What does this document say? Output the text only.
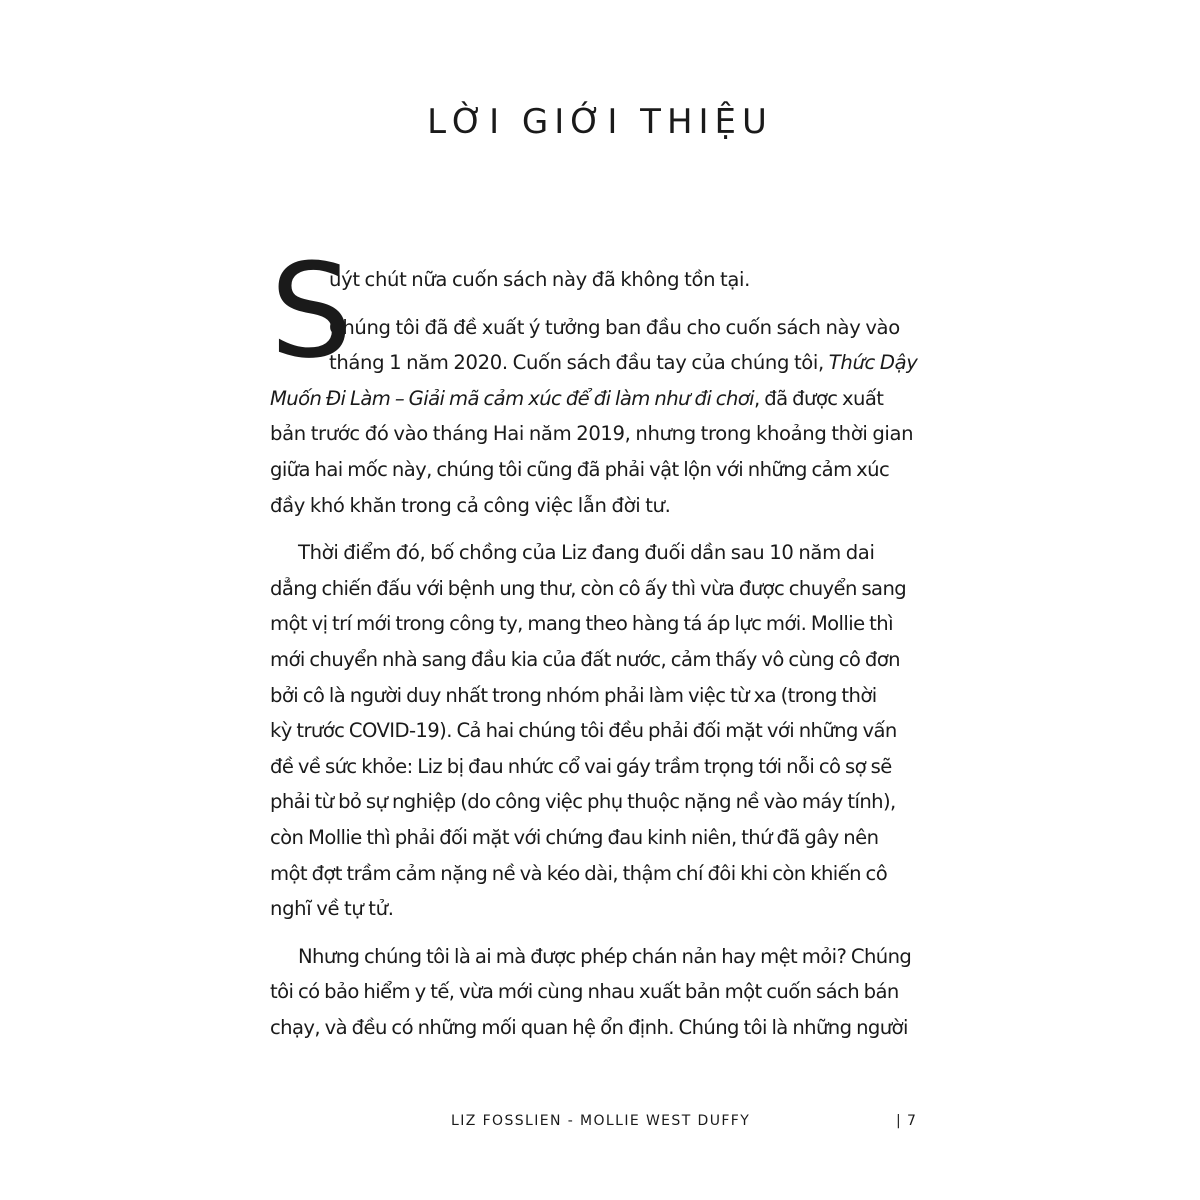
LỜI GIỚI THIỆU
S
uýt chút nữa cuốn sách này đã không tồn tại.
Chúng tôi đã đề xuất ý tưởng ban đầu cho cuốn sách này vào
tháng 1 năm 2020. Cuốn sách đầu tay của chúng tôi, Thức Dậy
Muốn Đi Làm – Giải mã cảm xúc để đi làm như đi chơi, đã được xuất
bản trước đó vào tháng Hai năm 2019, nhưng trong khoảng thời gian
giữa hai mốc này, chúng tôi cũng đã phải vật lộn với những cảm xúc
đầy khó khăn trong cả công việc lẫn đời tư.
Thời điểm đó, bố chồng của Liz đang đuối dần sau 10 năm dai
dẳng chiến đấu với bệnh ung thư, còn cô ấy thì vừa được chuyển sang
một vị trí mới trong công ty, mang theo hàng tá áp lực mới. Mollie thì
mới chuyển nhà sang đầu kia của đất nước, cảm thấy vô cùng cô đơn
bởi cô là người duy nhất trong nhóm phải làm việc từ xa (trong thời
kỳ trước COVID-19). Cả hai chúng tôi đều phải đối mặt với những vấn
đề về sức khỏe: Liz bị đau nhức cổ vai gáy trầm trọng tới nỗi cô sợ sẽ
phải từ bỏ sự nghiệp (do công việc phụ thuộc nặng nề vào máy tính),
còn Mollie thì phải đối mặt với chứng đau kinh niên, thứ đã gây nên
một đợt trầm cảm nặng nề và kéo dài, thậm chí đôi khi còn khiến cô
nghĩ về tự tử.
Nhưng chúng tôi là ai mà được phép chán nản hay mệt mỏi? Chúng
tôi có bảo hiểm y tế, vừa mới cùng nhau xuất bản một cuốn sách bán
chạy, và đều có những mối quan hệ ổn định. Chúng tôi là những người
LIZ FOSSLIEN - MOLLIE WEST DUFFY	| 7
